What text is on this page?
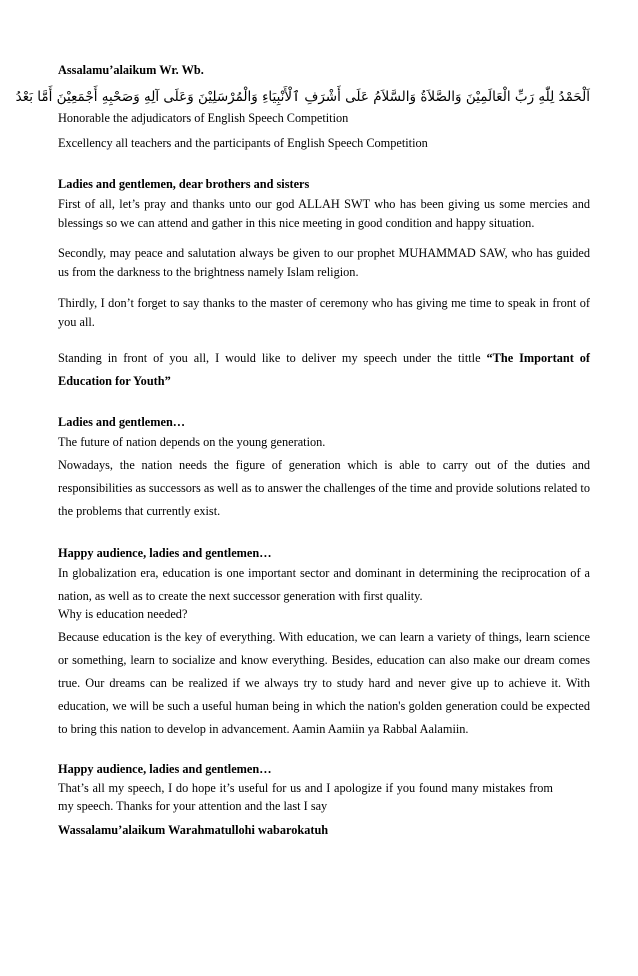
Assalamu’alaikum Wr. Wb.

اَلْحَمْدُ لِلّٰهِ رَبِّ الْعَالَمِيْنَ وَالصَّلاَةُ وَالسَّلاَمُ عَلَى أَشْرَفِ ٱلْأَنْبِيَاءِ وَالْمُرْسَلِيْنَ وَعَلَى آلِهِ وَصَحْبِهِ أَجْمَعِيْنَ أَمَّا بَعْدُ

Honorable the adjudicators of English Speech Competition

Excellency all teachers and the participants of English Speech Competition

Ladies and gentlemen, dear brothers and sisters

First of all, let’s pray and thanks unto our god ALLAH SWT who has been giving us some mercies and blessings so we can attend and gather in this nice meeting in good condition and happy situation.

Secondly, may peace and salutation always be given to our prophet MUHAMMAD SAW, who has guided us from the darkness to the brightness namely Islam religion.

Thirdly, I don’t forget to say thanks to the master of ceremony who has giving me time to speak in front of you all.

Standing in front of you all, I would like to deliver my speech under the tittle “The Important of Education for Youth”

Ladies and gentlemen…

The future of nation depends on the young generation.

Nowadays, the nation needs the figure of generation which is able to carry out of the duties and responsibilities as successors as well as to answer the challenges of the time and provide solutions related to the problems that currently exist.

Happy audience, ladies and gentlemen…

In globalization era, education is one important sector and dominant in determining the reciprocation of a nation, as well as to create the next successor generation with first quality.

Why is education needed?

Because education is the key of everything. With education, we can learn a variety of things, learn science or something, learn to socialize and know everything. Besides, education can also make our dream comes true. Our dreams can be realized if we always try to study hard and never give up to achieve it. With education, we will be such a useful human being in which the nation's golden generation could be expected to bring this nation to develop in advancement. Aamin Aamiin ya Rabbal Aalamiin.

Happy audience, ladies and gentlemen…

That’s all my speech, I do hope it’s useful for us and I apologize if you found many mistakes from my speech. Thanks for your attention and the last I say

Wassalamu’alaikum Warahmatullohi wabarokatuh
